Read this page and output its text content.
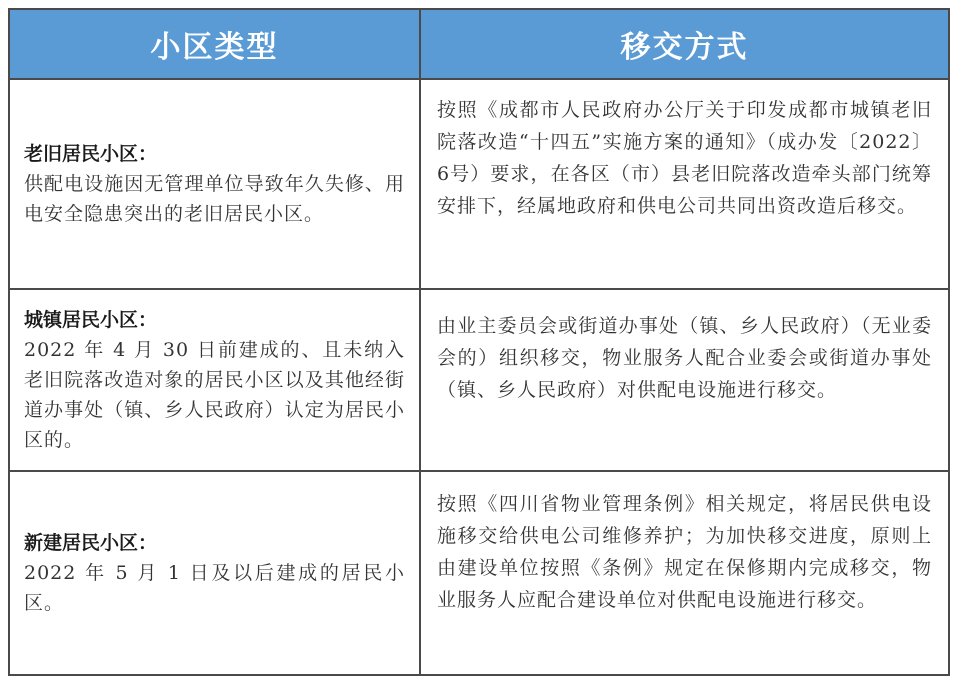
小区类型	移交方式
老旧居民小区：
供配电设施因无管理单位导致年久失修、用电安全隐患突出的老旧居民小区。
按照《成都市人民政府办公厅关于印发成都市城镇老旧院落改造“十四五”实施方案的通知》（成办发〔2022〕6号）要求，在各区（市）县老旧院落改造牵头部门统筹安排下，经属地政府和供电公司共同出资改造后移交。
城镇居民小区：
2022 年 4 月 30 日前建成的、且未纳入老旧院落改造对象的居民小区以及其他经街道办事处（镇、乡人民政府）认定为居民小区的。
由业主委员会或街道办事处（镇、乡人民政府）（无业委会的）组织移交，物业服务人配合业委会或街道办事处（镇、乡人民政府）对供配电设施进行移交。
新建居民小区：
2022 年 5 月 1 日及以后建成的居民小区。
按照《四川省物业管理条例》相关规定，将居民供电设施移交给供电公司维修养护；为加快移交进度，原则上由建设单位按照《条例》规定在保修期内完成移交，物业服务人应配合建设单位对供配电设施进行移交。
